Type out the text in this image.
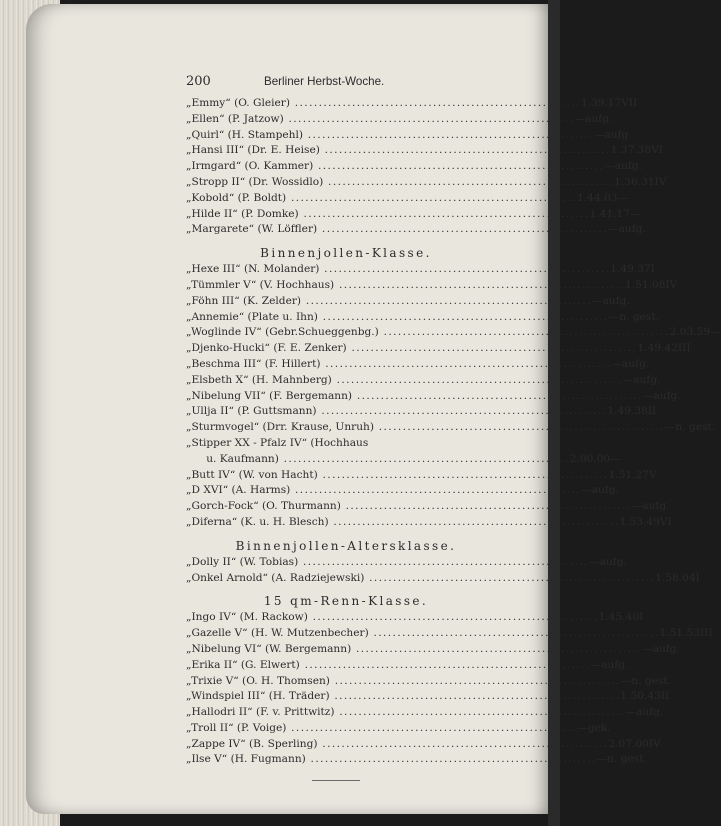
200	Berliner Herbst-Woche.
„Emmy“ (O. Gleier) ............................................................ 1.39.17 VII
„Ellen“ (P. Jatzow) ............................................................ — aufg.
„Quirl“ (H. Stampehl) ............................................................ — aufg.
„Hansi III“ (Dr. E. Heise) ............................................................ 1.37.38 VI
„Irmgard“ (O. Kammer) ............................................................ — aufg.
„Stropp II“ (Dr. Wossidlo) ............................................................ 1.36.31 IV
„Kobold“ (P. Boldt) ............................................................ 1.44.03 —
„Hilde II“ (P. Domke) ............................................................ 1.41.17 —
„Margarete“ (W. Löffler) ............................................................ — aufg.
Binnenjollen-Klasse.
„Hexe III“ (N. Molander) ............................................................ 1.49.37 I
„Tümmler V“ (V. Hochhaus) ............................................................ 1.51.08 IV
„Föhn III“ (K. Zelder) ............................................................ — aufg.
„Annemie“ (Plate u. Ihn) ............................................................ — n. gest.
„Woglinde IV“ (Gebr.Schueggenbg.) ............................................................ 2.03.59 —
„Djenko-Hucki“ (F. E. Zenker) ............................................................ 1.49.42 III
„Beschma III“ (F. Hillert) ............................................................ — aufg.
„Elsbeth X“ (H. Mahnberg) ............................................................ — aufg.
„Nibelung VII“ (F. Bergemann) ............................................................ — aufg.
„Ullja II“ (P. Guttsmann) ............................................................ 1.49.38 II
„Sturmvogel“ (Drr. Krause, Unruh) ............................................................ — n. gest.
„Stipper XX - Pfalz IV“ (Hochhaus
u. Kaufmann) ............................................................ 2.00.00 —
„Butt IV“ (W. von Hacht) ............................................................ 1.51.27 V
„D XVI“ (A. Harms) ............................................................ — aufg.
„Gorch-Fock“ (O. Thurmann) ............................................................ — aufg.
„Diferna“ (K. u. H. Blesch) ............................................................ 1.53.49 VI
Binnenjollen-Altersklasse.
„Dolly II“ (W. Tobias) ............................................................ — aufg.
„Onkel Arnold“ (A. Radziejewski) ............................................................ 1.58.04 I
15 qm-Renn-Klasse.
„Ingo IV“ (M. Rackow) ............................................................ 1.45.40 I
„Gazelle V“ (H. W. Mutzenbecher) ............................................................ 1.51.53 III
„Nibelung VI“ (W. Bergemann) ............................................................ — aufg.
„Erika II“ (G. Elwert) ............................................................ — aufg.
„Trixie V“ (O. H. Thomsen) ............................................................ — n. gest.
„Windspiel III“ (H. Träder) ............................................................ 1.50.43 II
„Hallodri II“ (F. v. Prittwitz) ............................................................ — aufg.
„Troll II“ (P. Voige) ............................................................ — gek.
„Zappe IV“ (B. Sperling) ............................................................ 2.07.00 IV
„Ilse V“ (H. Fugmann) ............................................................ — n. gest.
